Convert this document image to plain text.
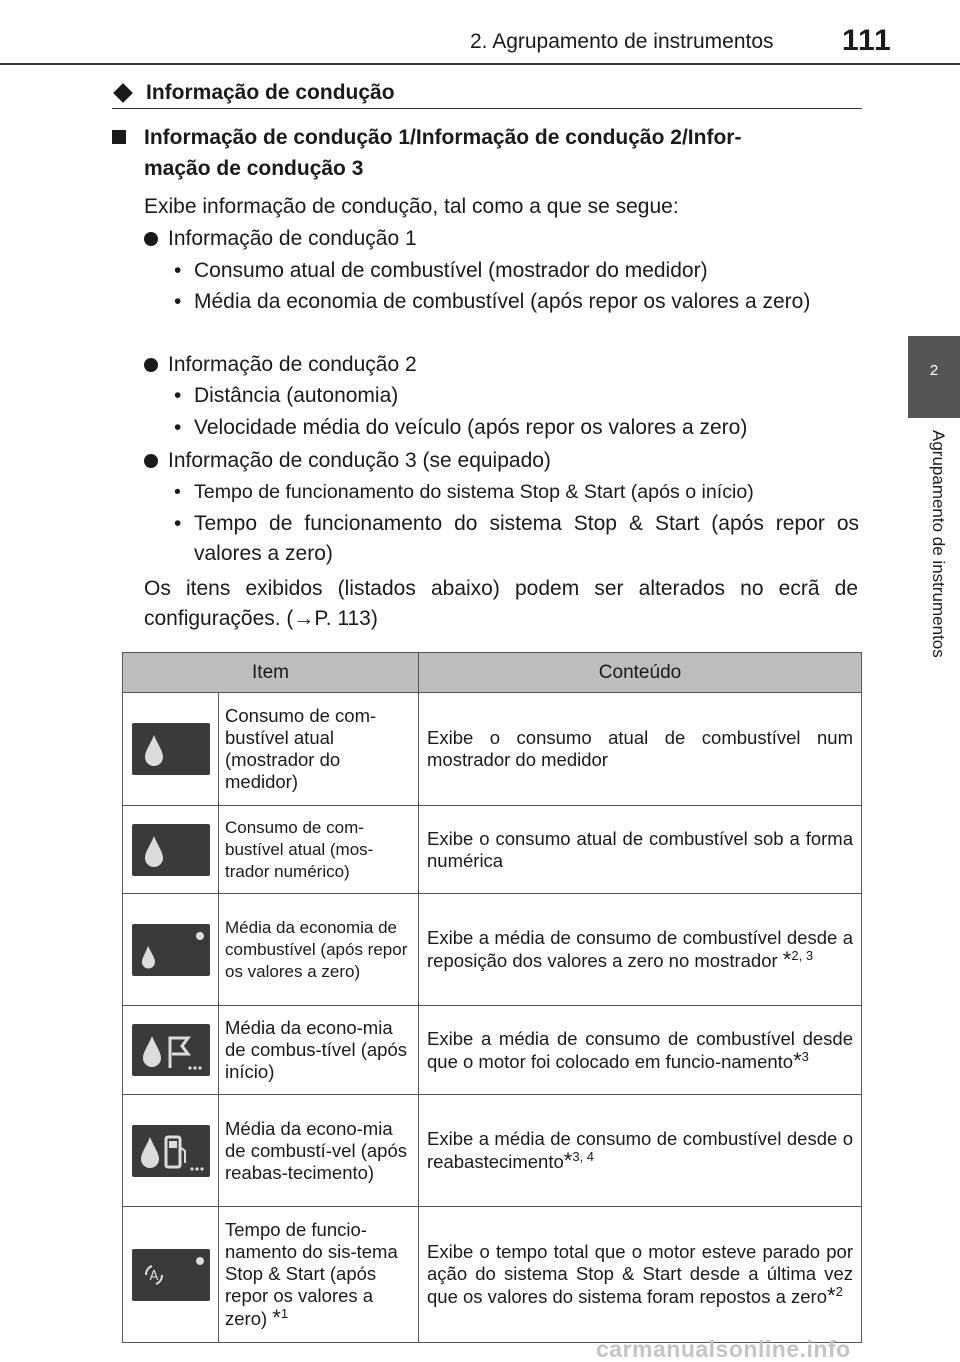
2. Agrupamento de instrumentos 111
2
Agrupamento de instrumentos
Informação de condução
Informação de condução 1/Informação de condução 2/Infor-
mação de condução 3
Exibe informação de condução, tal como a que se segue:
Informação de condução 1
• Consumo atual de combustível (mostrador do medidor)
• Média da economia de combustível (após repor os valores a zero)
Informação de condução 2
• Distância (autonomia)
• Velocidade média do veículo (após repor os valores a zero)
Informação de condução 3 (se equipado)
• Tempo de funcionamento do sistema Stop & Start (após o início)
• Tempo de funcionamento do sistema Stop & Start (após repor os valores a zero)
Os itens exibidos (listados abaixo) podem ser alterados no ecrã de configurações. (→P. 113)
Item		Conteúdo

	Consumo de com-bustível atual (mostrador do medidor)	Exibe o consumo atual de combustível num mostrador do medidor

	Consumo de com-bustível atual (mos-trador numérico)	Exibe o consumo atual de combustível sob a forma numérica

	Média da economia de combustível (após repor os valores a zero)	Exibe a média de consumo de combustível desde a reposição dos valores a zero no mostrador *$^{2, 3}$

	Média da econo-mia de combus-tível (após início)	Exibe a média de consumo de combustível desde que o motor foi colocado em funcio-namento*$^3$

	Média da econo-mia de combustí-vel (após reabas-tecimento)	Exibe a média de consumo de combustível desde o reabastecimento*$^{3, 4}$

A	Tempo de funcio-namento do sis-tema Stop & Start (após repor os valores a zero) *$^1$	Exibe o tempo total que o motor esteve parado por ação do sistema Stop & Start desde a última vez que os valores do sistema foram repostos a zero*$^2$
carmanualsonline.info
